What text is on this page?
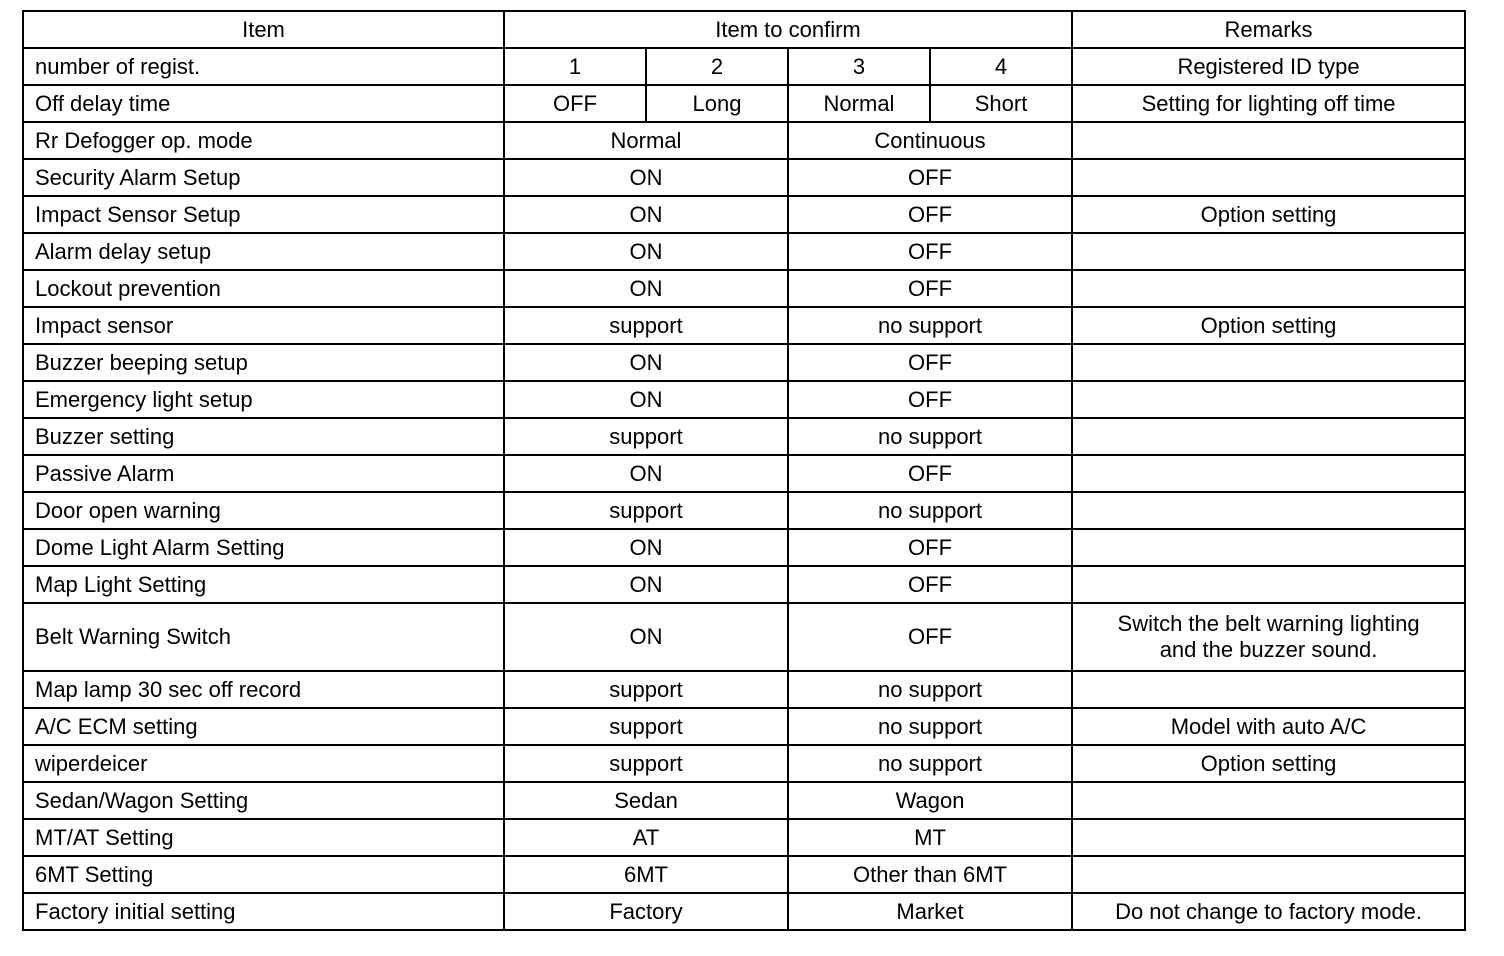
Item	Item to confirm				Remarks
number of regist.	1	2	3	4	Registered ID type
Off delay time	OFF	Long	Normal	Short	Setting for lighting off time
Rr Defogger op. mode	Normal		Continuous		
Security Alarm Setup	ON		OFF		
Impact Sensor Setup	ON		OFF		Option setting
Alarm delay setup	ON		OFF		
Lockout prevention	ON		OFF		
Impact sensor	support		no support		Option setting
Buzzer beeping setup	ON		OFF		
Emergency light setup	ON		OFF		
Buzzer setting	support		no support		
Passive Alarm	ON		OFF		
Door open warning	support		no support		
Dome Light Alarm Setting	ON		OFF		
Map Light Setting	ON		OFF		
Belt Warning Switch	ON		OFF		Switch the belt warning lighting
and the buzzer sound.

Map lamp 30 sec off record	support		no support		
A/C ECM setting	support		no support		Model with auto A/C
wiperdeicer	support		no support		Option setting
Sedan/Wagon Setting	Sedan		Wagon		
MT/AT Setting	AT		MT		
6MT Setting	6MT		Other than 6MT		
Factory initial setting	Factory		Market		Do not change to factory mode.
